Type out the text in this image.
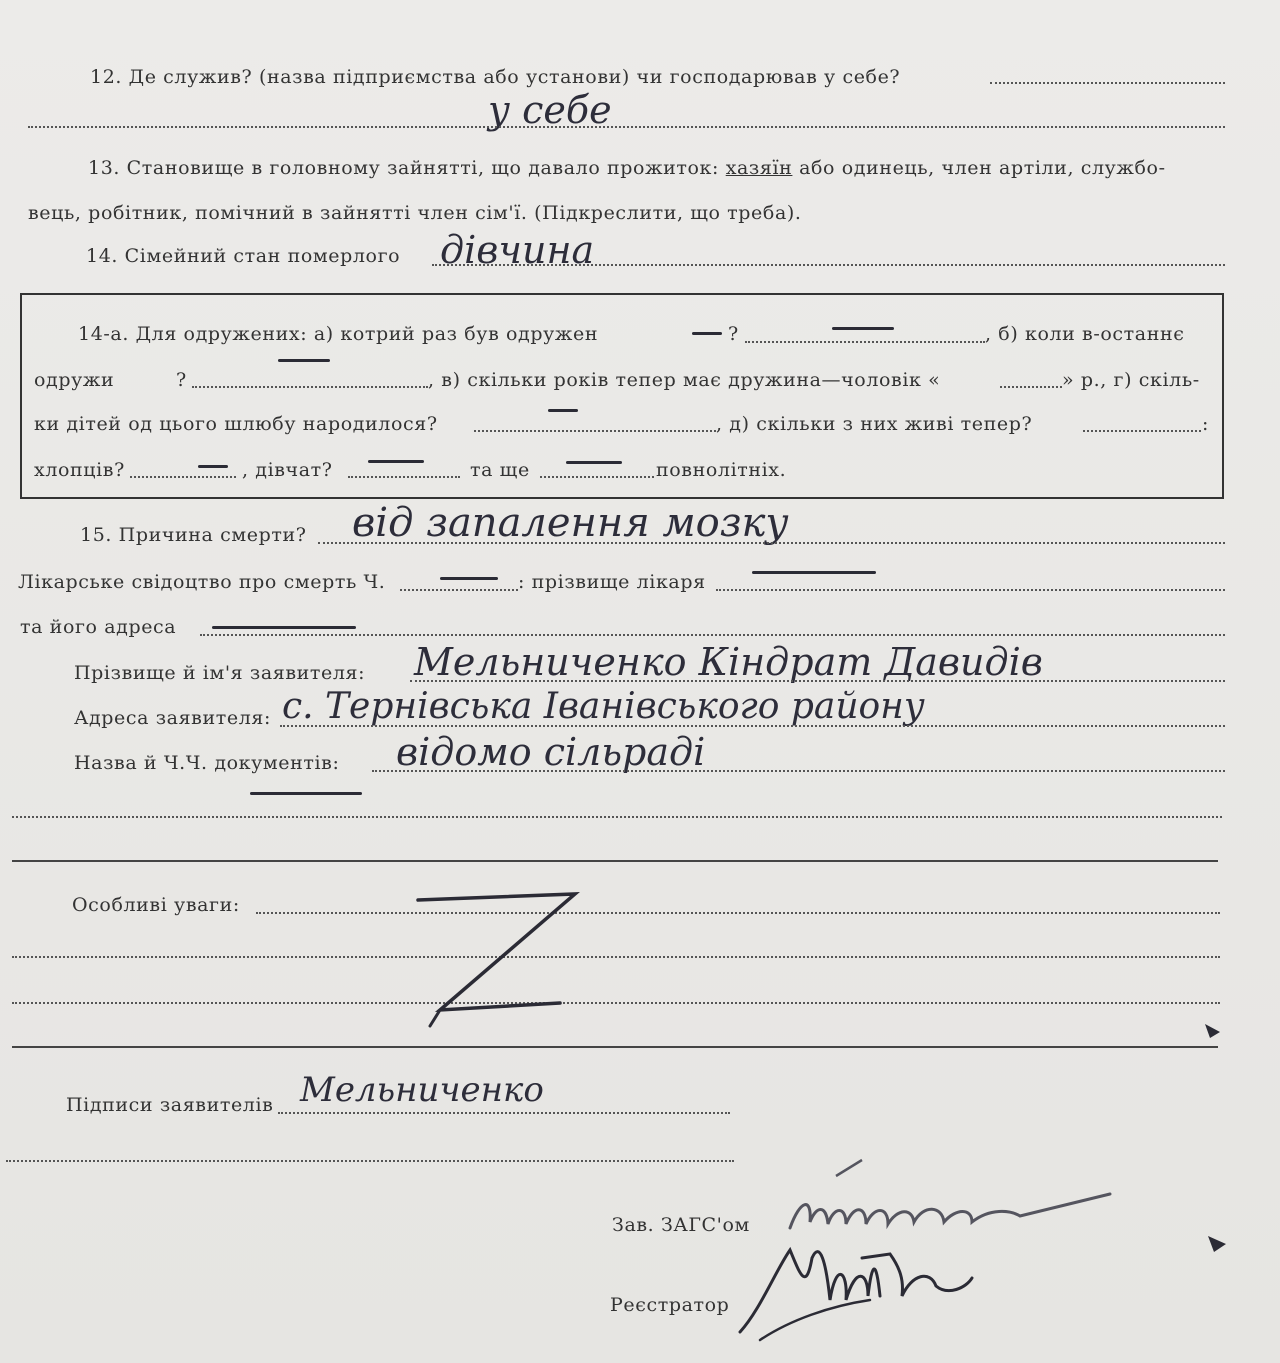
12. Де служив? (назва підприємства або установи) чи господарював у себе?
у себе
13. Становище в головному зайнятті, що давало прожиток: хазяїн або одинець, член артіли, службо-
вець, робітник, помічний в зайнятті член сім'ї. (Підкреслити, що треба).
14. Сімейний стан померлого дівчина
14-а. Для одружених: а) котрий раз був одружен	?	, б) коли в-останнє
одружи	?	, в) скільки років тепер має дружина—чоловік «	» р., г) скіль-
ки дітей од цього шлюбу народилося?	, д) скільки з них живі тепер?	:
хлопців?	, дівчат?	та ще	повнолітніх.
15. Причина смерти? від запалення мозку
Лікарське свідоцтво про смерть Ч.	: прізвище лікаря
та його адреса
Прізвище й ім'я заявителя: Мельниченко Кіндрат Давидів
Адреса заявителя: с. Тернівська Іванівського району
Назва й Ч.Ч. документів: відомо сільраді
Особливі уваги:
Підписи заявителів Мельниченко
Зав. ЗАГС'ом
Реєстратор
